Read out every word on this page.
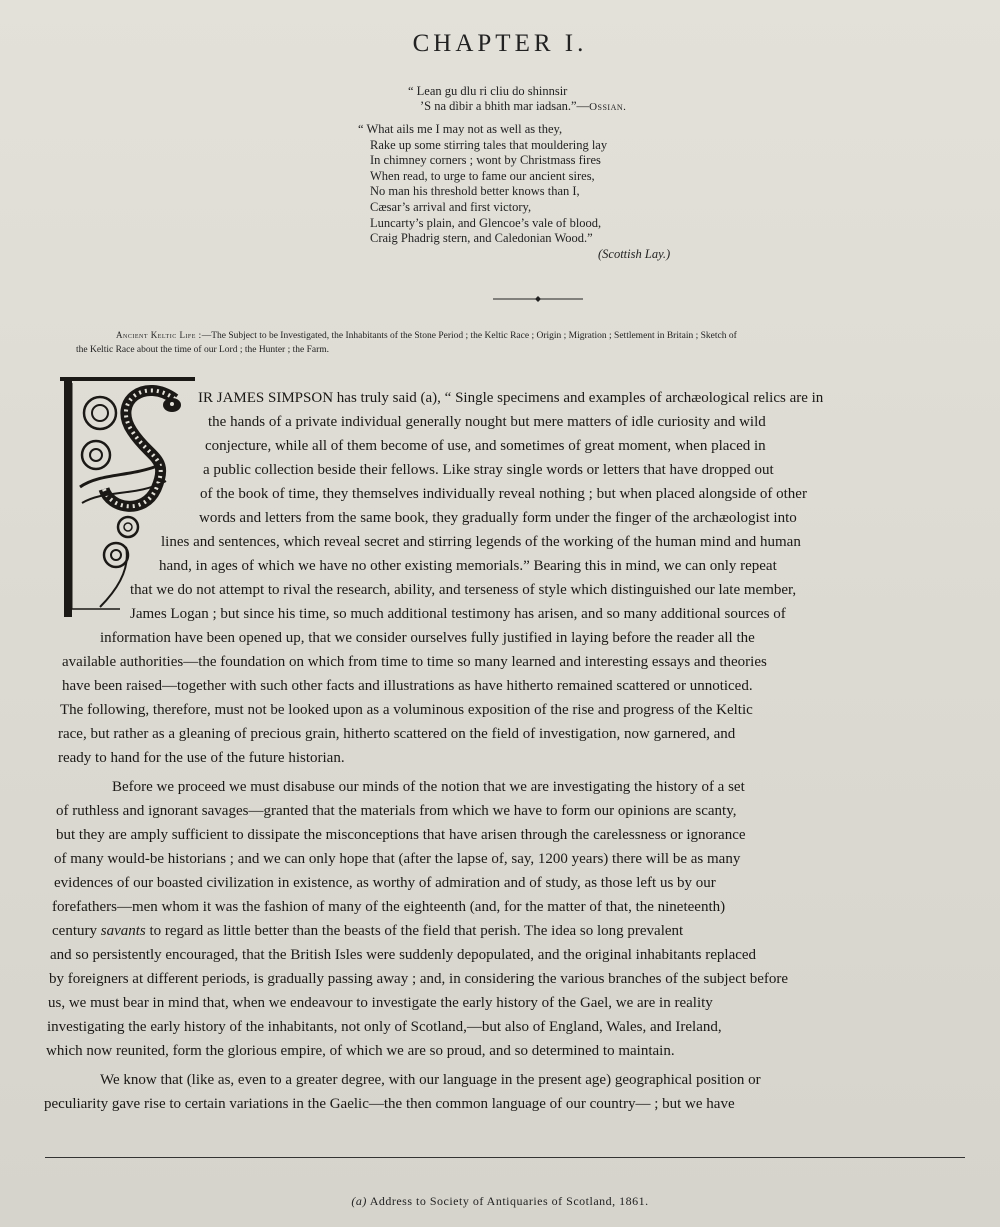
CHAPTER I.
“ Lean gu dlu ri cliu do shinnsir
’S na dìbir a bhith mar iadsan.”—Ossian.
“ What ails me I may not as well as they,
Rake up some stirring tales that mouldering lay
In chimney corners ; wont by Christmass fires
When read, to urge to fame our ancient sires,
No man his threshold better knows than I,
Cæsar’s arrival and first victory,
Luncarty’s plain, and Glencoe’s vale of blood,
Craig Phadrig stern, and Caledonian Wood.”
(Scottish Lay.)
Ancient Keltic Life :—The Subject to be Investigated, the Inhabitants of the Stone Period ; the Keltic Race ; Origin ; Migration ; Settlement in Britain ; Sketch of
the Keltic Race about the time of our Lord ; the Hunter ; the Farm.
IR JAMES SIMPSON has truly said (a), “ Single specimens and examples of archæological relics are in
the hands of a private individual generally nought but mere matters of idle curiosity and wild
conjecture, while all of them become of use, and sometimes of great moment, when placed in
a public collection beside their fellows. Like stray single words or letters that have dropped out
of the book of time, they themselves individually reveal nothing ; but when placed alongside of other
words and letters from the same book, they gradually form under the finger of the archæologist into
lines and sentences, which reveal secret and stirring legends of the working of the human mind and human
hand, in ages of which we have no other existing memorials.” Bearing this in mind, we can only repeat
that we do not attempt to rival the research, ability, and terseness of style which distinguished our late member,
James Logan ; but since his time, so much additional testimony has arisen, and so many additional sources of
information have been opened up, that we consider ourselves fully justified in laying before the reader all the
available authorities—the foundation on which from time to time so many learned and interesting essays and theories
have been raised—together with such other facts and illustrations as have hitherto remained scattered or unnoticed.
The following, therefore, must not be looked upon as a voluminous exposition of the rise and progress of the Keltic
race, but rather as a gleaning of precious grain, hitherto scattered on the field of investigation, now garnered, and
ready to hand for the use of the future historian.
Before we proceed we must disabuse our minds of the notion that we are investigating the history of a set
of ruthless and ignorant savages—granted that the materials from which we have to form our opinions are scanty,
but they are amply sufficient to dissipate the misconceptions that have arisen through the carelessness or ignorance
of many would-be historians ; and we can only hope that (after the lapse of, say, 1200 years) there will be as many
evidences of our boasted civilization in existence, as worthy of admiration and of study, as those left us by our
forefathers—men whom it was the fashion of many of the eighteenth (and, for the matter of that, the nineteenth)
century savants to regard as little better than the beasts of the field that perish. The idea so long prevalent
and so persistently encouraged, that the British Isles were suddenly depopulated, and the original inhabitants replaced
by foreigners at different periods, is gradually passing away ; and, in considering the various branches of the subject before
us, we must bear in mind that, when we endeavour to investigate the early history of the Gael, we are in reality
investigating the early history of the inhabitants, not only of Scotland,—but also of England, Wales, and Ireland,
which now reunited, form the glorious empire, of which we are so proud, and so determined to maintain.
We know that (like as, even to a greater degree, with our language in the present age) geographical position or
peculiarity gave rise to certain variations in the Gaelic—the then common language of our country— ; but we have
(a) Address to Society of Antiquaries of Scotland, 1861.
